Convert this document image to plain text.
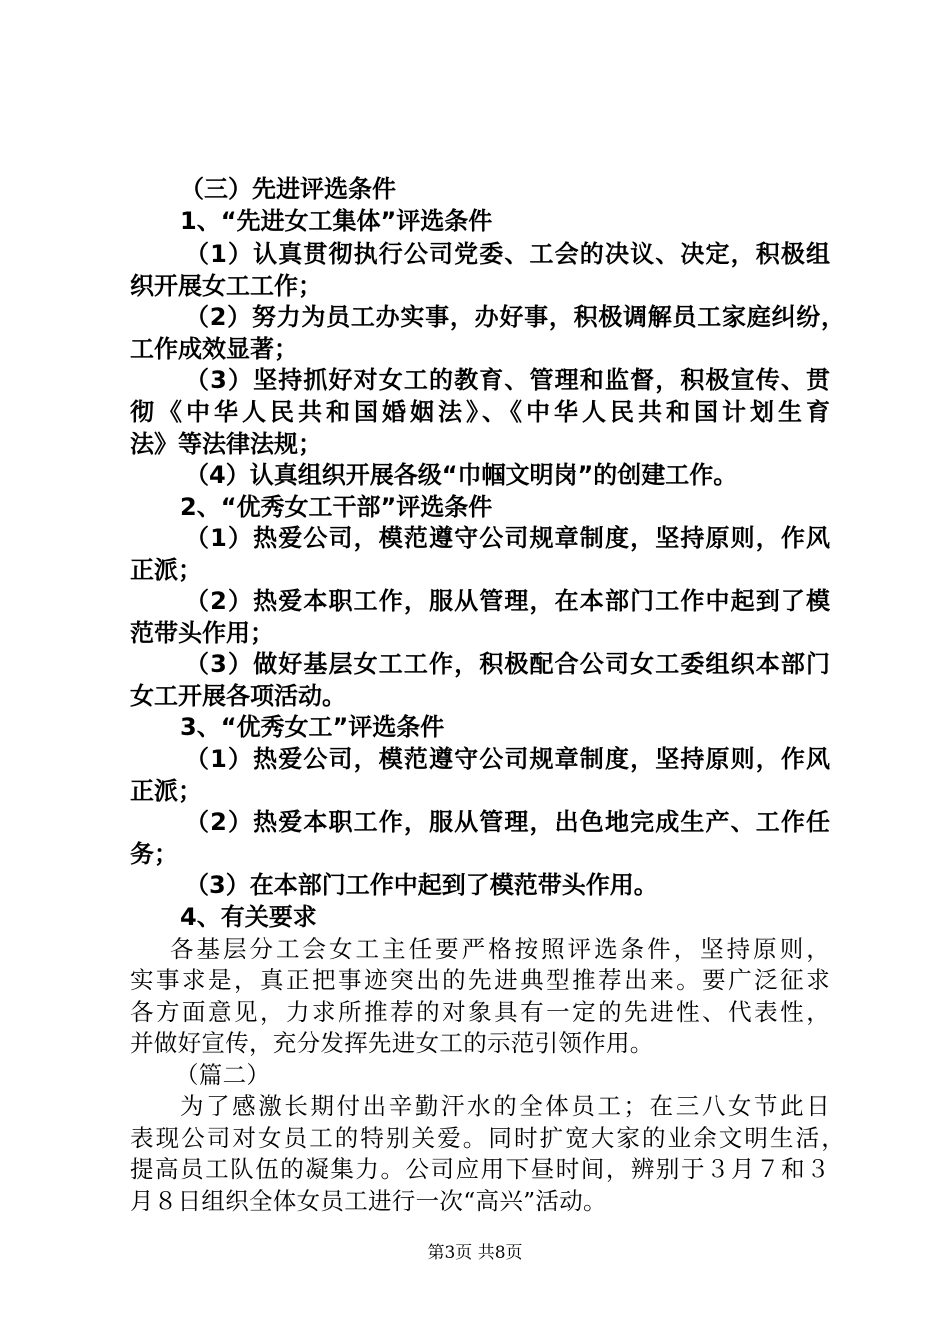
（三）先进评选条件
1、“先进女工集体”评选条件
（1）认真贯彻执行公司党委、工会的决议、决定，积极组
织开展女工工作；
（2）努力为员工办实事，办好事，积极调解员工家庭纠纷，
工作成效显著；
（3）坚持抓好对女工的教育、管理和监督，积极宣传、贯
彻《中华人民共和国婚姻法》、《中华人民共和国计划生育
法》等法律法规；
（4）认真组织开展各级“巾帼文明岗”的创建工作。
2、“优秀女工干部”评选条件
（1）热爱公司，模范遵守公司规章制度，坚持原则，作风
正派；
（2）热爱本职工作，服从管理，在本部门工作中起到了模
范带头作用；
（3）做好基层女工工作，积极配合公司女工委组织本部门
女工开展各项活动。
3、“优秀女工”评选条件
（1）热爱公司，模范遵守公司规章制度，坚持原则，作风
正派；
（2）热爱本职工作，服从管理，出色地完成生产、工作任
务；
（3）在本部门工作中起到了模范带头作用。
4、有关要求
各基层分工会女工主任要严格按照评选条件，坚持原则，
实事求是，真正把事迹突出的先进典型推荐出来。要广泛征求
各方面意见，力求所推荐的对象具有一定的先进性、代表性，
并做好宣传，充分发挥先进女工的示范引领作用。
（篇二）
为了感激长期付出辛勤汗水的全体员工；在三八女节此日
表现公司对女员工的特别关爱。同时扩宽大家的业余文明生活，
提高员工队伍的凝集力。公司应用下昼时间，辨别于３月７和３
月８日组织全体女员工进行一次“高兴”活动。
第3页 共8页
